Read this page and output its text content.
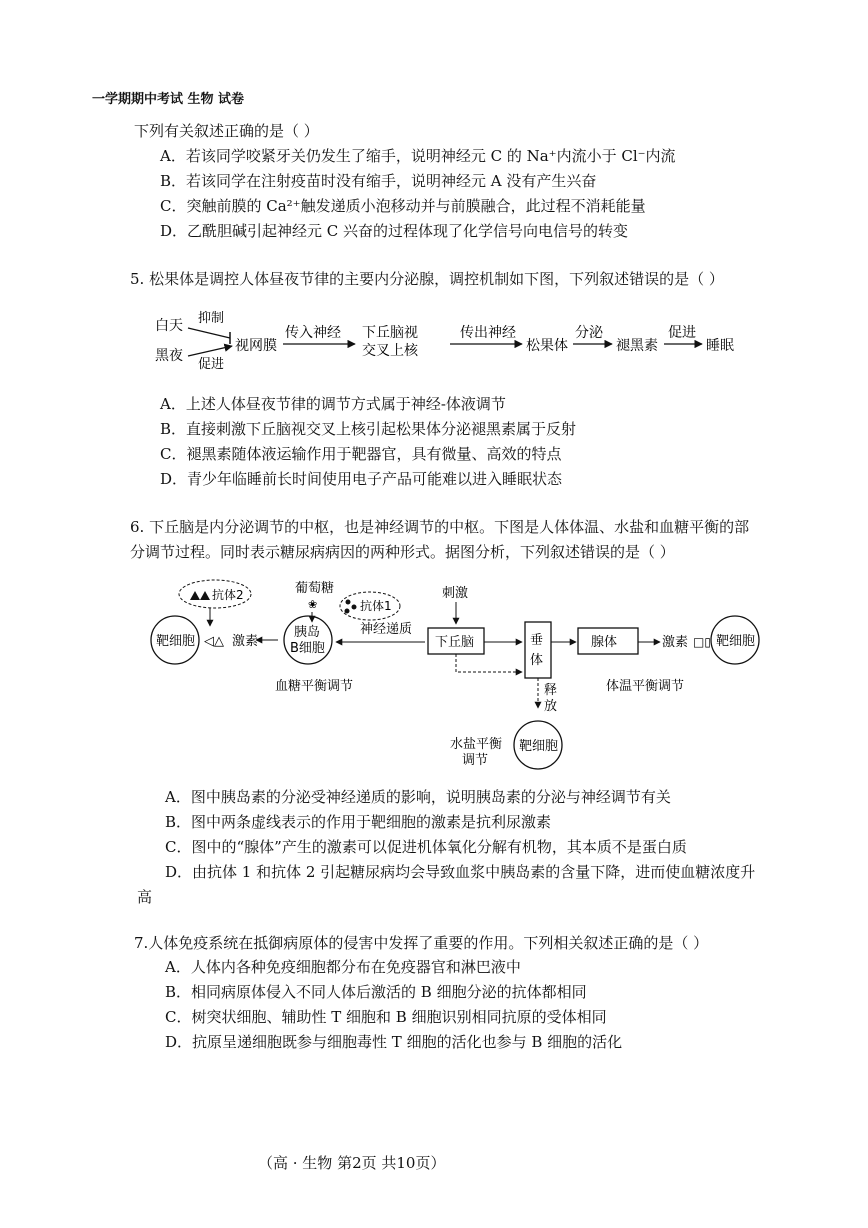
一学期期中考试 生物 试卷
下列有关叙述正确的是（ ）
A．若该同学咬紧牙关仍发生了缩手，说明神经元 C 的 Na⁺内流小于 Cl⁻内流
B．若该同学在注射疫苗时没有缩手，说明神经元 A 没有产生兴奋
C．突触前膜的 Ca²⁺触发递质小泡移动并与前膜融合，此过程不消耗能量
D．乙酰胆碱引起神经元 C 兴奋的过程体现了化学信号向电信号的转变
5. 松果体是调控人体昼夜节律的主要内分泌腺，调控机制如下图，下列叙述错误的是（ ）
白天
黑夜
抑制
促进
视网膜
传入神经 下丘脑视
交叉上核
传出神经
松果体
分泌
褪黑素
促进
睡眠
A．上述人体昼夜节律的调节方式属于神经-体液调节
B．直接刺激下丘脑视交叉上核引起松果体分泌褪黑素属于反射
C．褪黑素随体液运输作用于靶器官，具有微量、高效的特点
D．青少年临睡前长时间使用电子产品可能难以进入睡眠状态
6. 下丘脑是内分泌调节的中枢，也是神经调节的中枢。下图是人体体温、水盐和血糖平衡的部
分调节过程。同时表示糖尿病病因的两种形式。据图分析，下列叙述错误的是（ ）
抗体2	葡萄糖
❀	抗体1
刺激
靶细胞 ◁△ 激素
胰岛
B细胞
神经递质
下丘脑	垂
体
腺体	激素 □▯ 靶细胞
释
放
血糖平衡调节	体温平衡调节
水盐平衡
调节
靶细胞
A．图中胰岛素的分泌受神经递质的影响，说明胰岛素的分泌与神经调节有关
B．图中两条虚线表示的作用于靶细胞的激素是抗利尿激素
C．图中的“腺体”产生的激素可以促进机体氧化分解有机物，其本质不是蛋白质
D．由抗体 1 和抗体 2 引起糖尿病均会导致血浆中胰岛素的含量下降，进而使血糖浓度升
高
7.人体免疫系统在抵御病原体的侵害中发挥了重要的作用。下列相关叙述正确的是（ ）
A．人体内各种免疫细胞都分布在免疫器官和淋巴液中
B．相同病原体侵入不同人体后激活的 B 细胞分泌的抗体都相同
C．树突状细胞、辅助性 T 细胞和 B 细胞识别相同抗原的受体相同
D．抗原呈递细胞既参与细胞毒性 T 细胞的活化也参与 B 细胞的活化
（高 · 生物 第2页 共10页）
